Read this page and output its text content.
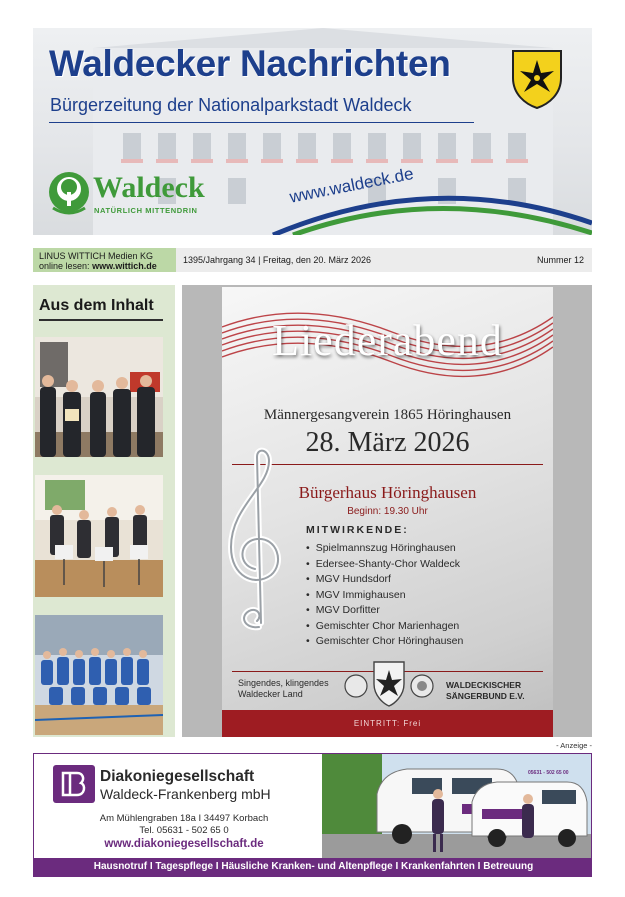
Waldecker Nachrichten
Bürgerzeitung der Nationalparkstadt Waldeck
Waldeck
NATÜRLICH MITTENDRIN
www.waldeck.de
LINUS WITTICH Medien KG
online lesen: www.wittich.de
1395/Jahrgang 34 | Freitag, den 20. März 2026	Nummer 12
Aus dem Inhalt
Liederabend
Männergesangverein 1865 Höringhausen
28. März 2026
Bürgerhaus Höringhausen
Beginn: 19.30 Uhr
MITWIRKENDE:
• Spielmannszug Höringhausen
• Edersee-Shanty-Chor Waldeck
• MGV Hundsdorf
• MGV Immighausen
• MGV Dorfitter
• Gemischter Chor Marienhagen
• Gemischter Chor Höringhausen
Singendes, klingendes
Waldecker Land
WALDECKISCHER
SÄNGERBUND E.V.
EINTRITT: Frei
- Anzeige -
Diakoniegesellschaft
Waldeck-Frankenberg mbH
Am Mühlengraben 18a I 34497 Korbach
Tel. 05631 - 502 65 0
www.diakoniegesellschaft.de
05631 - 502 65 00
Hausnotruf I Tagespflege I Häusliche Kranken- und Altenpflege I Krankenfahrten I Betreuung
